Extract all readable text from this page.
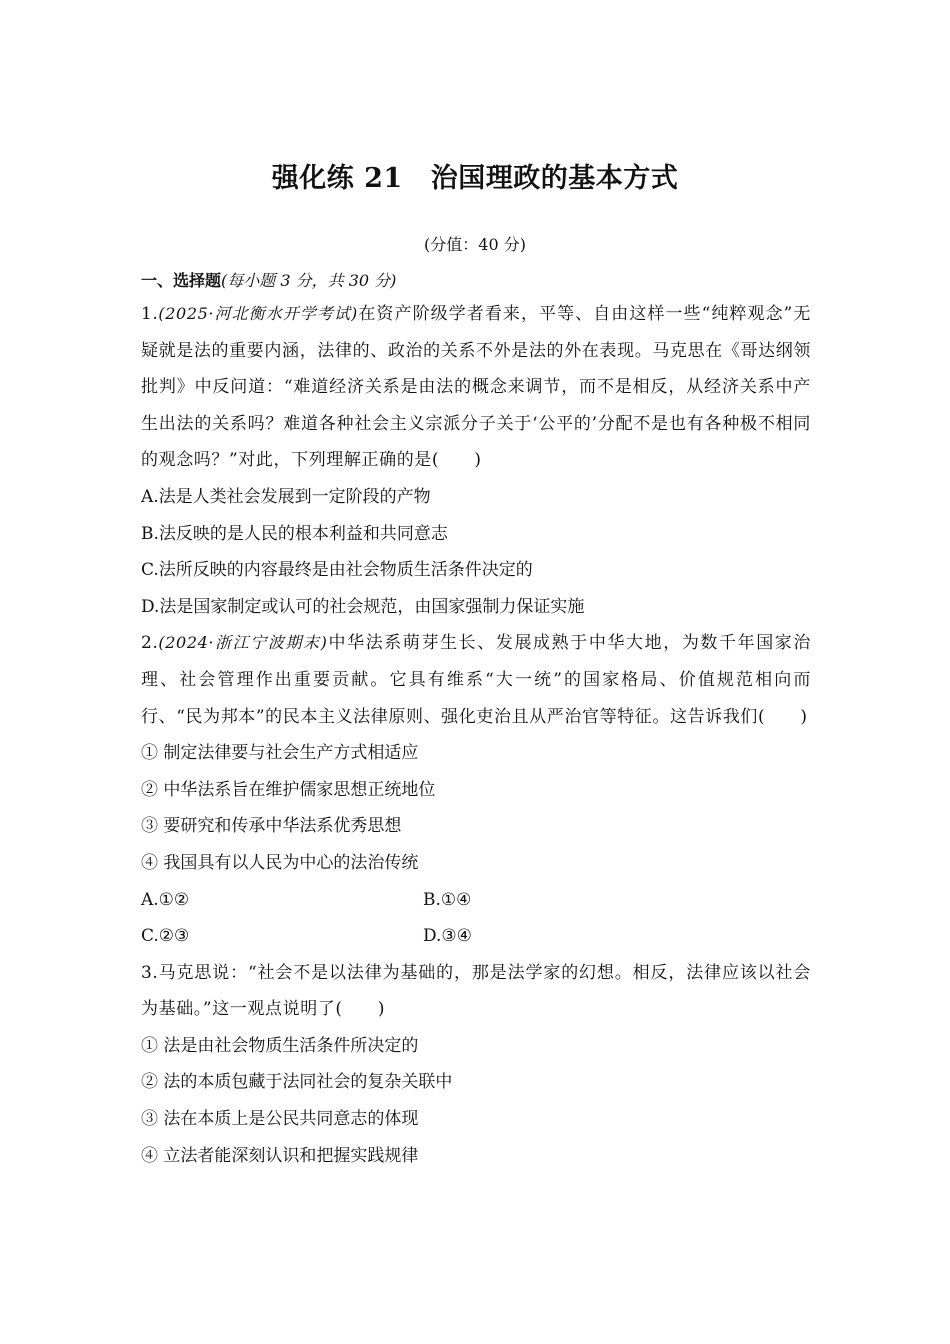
强化练 21 治国理政的基本方式
(分值：40 分)
一、选择题(每小题 3 分，共 30 分)
1.(2025·河北衡水开学考试)在资产阶级学者看来，平等、自由这样一些“纯粹观念”无疑就是法的重要内涵，法律的、政治的关系不外是法的外在表现。马克思在《哥达纲领批判》中反问道：“难道经济关系是由法的概念来调节，而不是相反，从经济关系中产生出法的关系吗？难道各种社会主义宗派分子关于‘公平的’分配不是也有各种极不相同的观念吗？”对此，下列理解正确的是(　　)
A.法是人类社会发展到一定阶段的产物
B.法反映的是人民的根本利益和共同意志
C.法所反映的内容最终是由社会物质生活条件决定的
D.法是国家制定或认可的社会规范，由国家强制力保证实施
2.(2024·浙江宁波期末)中华法系萌芽生长、发展成熟于中华大地，为数千年国家治理、社会管理作出重要贡献。它具有维系“大一统”的国家格局、价值规范相向而行、“民为邦本”的民本主义法律原则、强化吏治且从严治官等特征。这告诉我们(　　)
① 制定法律要与社会生产方式相适应
② 中华法系旨在维护儒家思想正统地位
③ 要研究和传承中华法系优秀思想
④ 我国具有以人民为中心的法治传统
A.①②	B.①④
C.②③	D.③④
3.马克思说：“社会不是以法律为基础的，那是法学家的幻想。相反，法律应该以社会为基础。”这一观点说明了(　　)
① 法是由社会物质生活条件所决定的
② 法的本质包藏于法同社会的复杂关联中
③ 法在本质上是公民共同意志的体现
④ 立法者能深刻认识和把握实践规律
